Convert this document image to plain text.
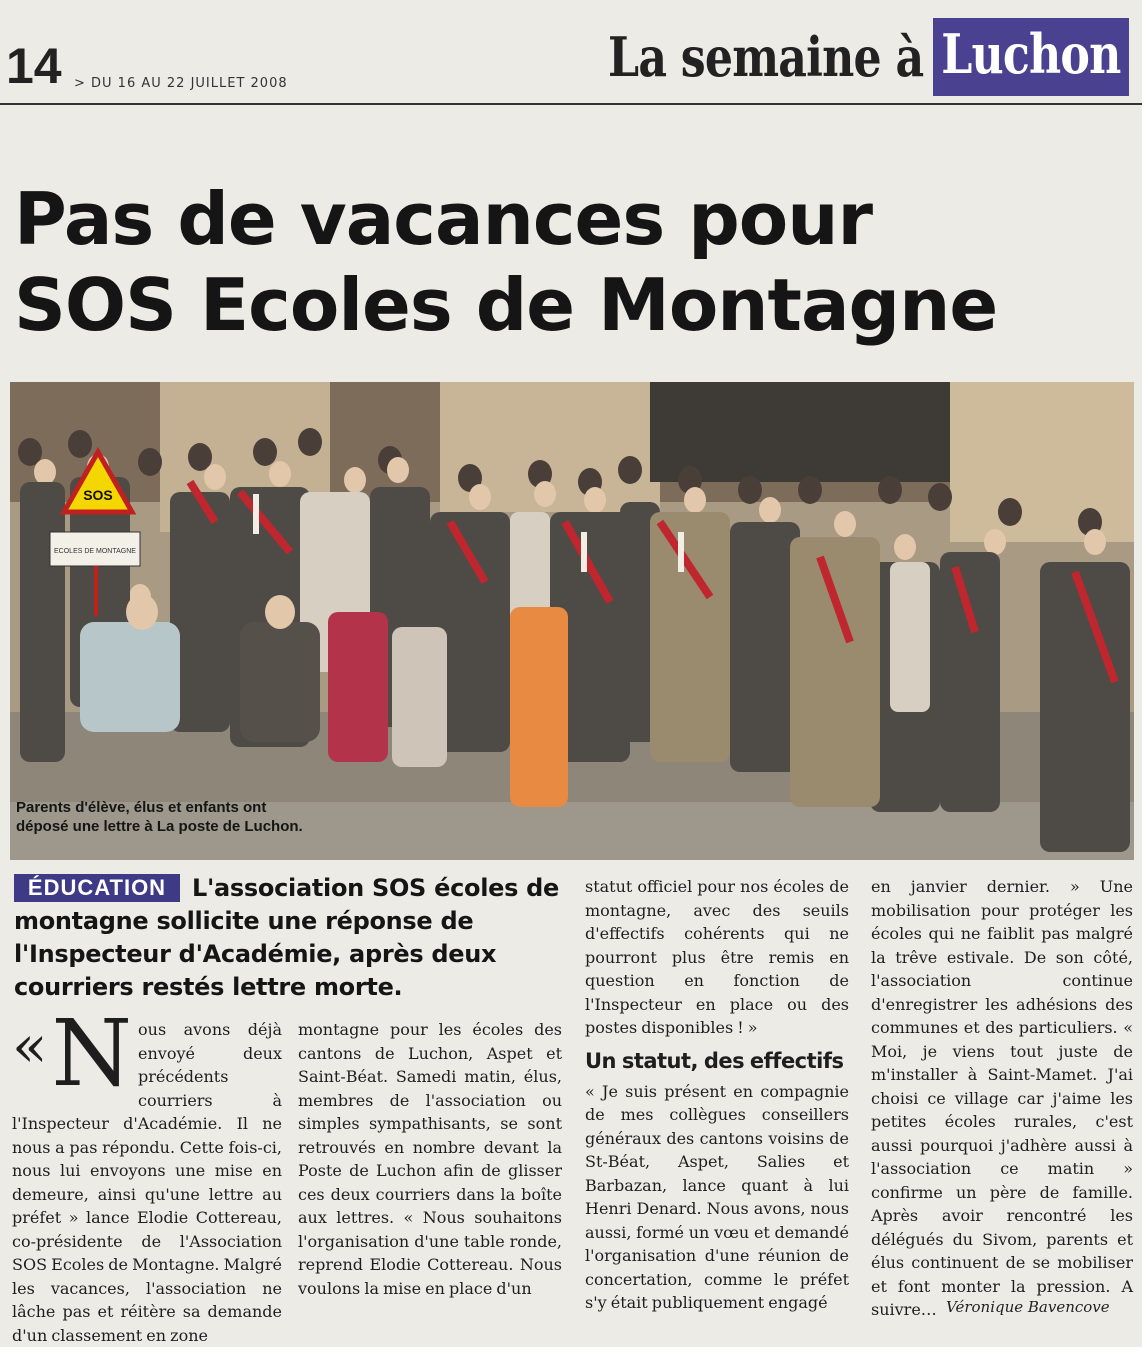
14 > DU 16 AU 22 JUILLET 2008	La semaine à Luchon
Pas de vacances pour
SOS Ecoles de Montagne
SOS
ECOLES DE MONTAGNE
Parents d'élève, élus et enfants ont déposé une lettre à La poste de Luchon.
L'association SOS écoles de montagne sollicite une réponse de l'Inspecteur d'Académie, après deux courriers restés lettre morte.
ÉDUCATION
« N ous avons déjà envoyé deux précédents courriers à l'Inspecteur d'Académie. Il ne nous a pas répondu. Cette fois-ci, nous lui envoyons une mise en demeure, ainsi qu'une lettre au préfet » lance Elodie Cottereau, co-présidente de l'Association SOS Ecoles de Montagne. Malgré les vacances, l'association ne lâche pas et réitère sa demande d'un classement en zone

montagne pour les écoles des cantons de Luchon, Aspet et Saint-Béat. Samedi matin, élus, membres de l'association ou simples sympathisants, se sont retrouvés en nombre devant la Poste de Luchon afin de glisser ces deux courriers dans la boîte aux lettres. « Nous souhaitons l'organisation d'une table ronde, reprend Elodie Cottereau. Nous voulons la mise en place d'un

statut officiel pour nos écoles de montagne, avec des seuils d'effectifs cohérents qui ne pourront plus être remis en question en fonction de l'Inspecteur en place ou des postes disponibles ! »

Un statut, des effectifs

« Je suis présent en compagnie de mes collègues conseillers généraux des cantons voisins de St-Béat, Aspet, Salies et Barbazan, lance quant à lui Henri Denard. Nous avons, nous aussi, formé un vœu et demandé l'organisation d'une réunion de concertation, comme le préfet s'y était publiquement engagé

en janvier dernier. » Une mobilisation pour protéger les écoles qui ne faiblit pas malgré la trêve estivale. De son côté, l'association continue d'enregistrer les adhésions des communes et des particuliers. « Moi, je viens tout juste de m'installer à Saint-Mamet. J'ai choisi ce village car j'aime les petites écoles rurales, c'est aussi pourquoi j'adhère aussi à l'association ce matin » confirme un père de famille. Après avoir rencontré les délégués du Sivom, parents et élus continuent de se mobiliser et font monter la pression. A suivre… Véronique Bavencove
